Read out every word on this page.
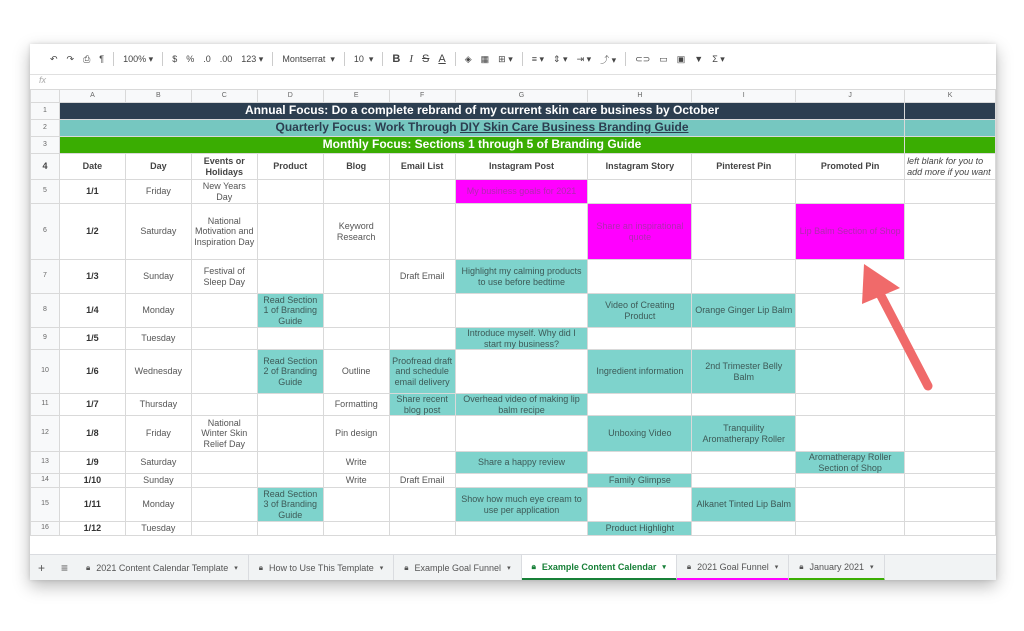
↶ ↷ ⎙ ¶ 100% ▾ $ % .0 .00 123 ▾ Montserrat  ▾ 10  ▾ B I S A ◈ ▦ ⊞ ▾ ≡ ▾ ⇕ ▾ ⇥ ▾ ⤴ ▾ ⊂⊃ ▭ ▣ ▼ Σ ▾
fx
	A	B	C	D	E	F	G	H	I	J	K
1	Annual Focus: Do a complete rebrand of my current skin care business by October										
2	Quarterly Focus: Work Through DIY Skin Care Business Branding Guide										
3	Monthly Focus: Sections 1 through 5 of Branding Guide										
4	Date	Day	Events or Holidays	Product	Blog	Email List	Instagram Post	Instagram Story	Pinterest Pin	Promoted Pin	left blank for you to add more if you want
5	1/1	Friday	New Years Day				My business goals for 2021				
6	1/2	Saturday	National Motivation and Inspiration Day		Keyword Research			Share an inspirational quote		Lip Balm Section of Shop	
7	1/3	Sunday	Festival of Sleep Day			Draft Email	Highlight my calming products to use before bedtime				
8	1/4	Monday		Read Section 1 of Branding Guide				Video of Creating Product	Orange Ginger Lip Balm		
9	1/5	Tuesday					Introduce myself. Why did I start my business?				
10	1/6	Wednesday		Read Section 2 of Branding Guide	Outline	Proofread draft and schedule email delivery		Ingredient information	2nd Trimester Belly Balm		
11	1/7	Thursday			Formatting	Share recent blog post	Overhead video of making lip balm recipe				
12	1/8	Friday	National Winter Skin Relief Day		Pin design			Unboxing Video	Tranquility Aromatherapy Roller		
13	1/9	Saturday			Write		Share a happy review			Aromatherapy Roller Section of Shop	
14	1/10	Sunday			Write	Draft Email		Family Glimpse			
15	1/11	Monday		Read Section 3 of Branding Guide			Show how much eye cream to use per application		Alkanet Tinted Lip Balm		
16	1/12	Tuesday						Product Highlight			
+	≡	🔒︎ 2021 Content Calendar Template ▾	🔒︎ How to Use This Template ▾	🔒︎ Example Goal Funnel ▾	🔒︎ Example Content Calendar ▾	🔒︎ 2021 Goal Funnel ▾	🔒︎ January 2021 ▾
